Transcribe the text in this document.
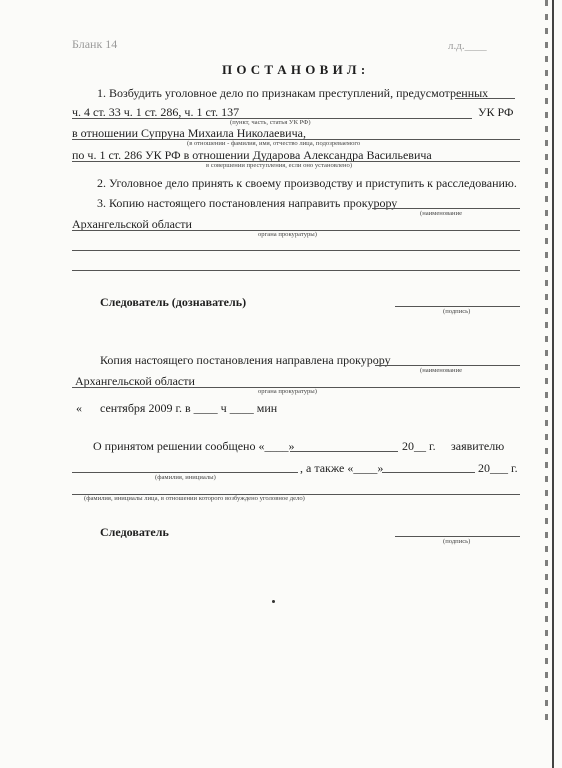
Бланк 14	л.д.____
П О С Т А Н О В И Л :
1. Возбудить уголовное дело по признакам преступлений, предусмотренных
ч. 4 ст. 33 ч. 1 ст. 286, ч. 1 ст. 137	УК РФ
(пункт, часть, статья УК РФ)
в отношении Супруна Михаила Николаевича,
(в отношении - фамилия, имя, отчество лица, подозреваемого
по ч. 1 ст. 286 УК РФ в отношении Дударова Александра Васильевича
в совершении преступления, если оно установлено)
2. Уголовное дело принять к своему производству и приступить к расследованию.
3. Копию настоящего постановления направить прокурору
(наименование
Архангельской области
органа прокуратуры)
Следователь (дознаватель)
(подпись)
Копия настоящего постановления направлена прокурору
(наименование
Архангельской области
органа прокуратуры)
« сентября 2009 г. в ____ ч ____ мин
О принятом решении сообщено «____»	20__ г. заявителю
, а также «____»	20___ г.
(фамилия, инициалы)
(фамилия, инициалы лица, в отношении которого возбуждено уголовное дело)
Следователь
(подпись)
